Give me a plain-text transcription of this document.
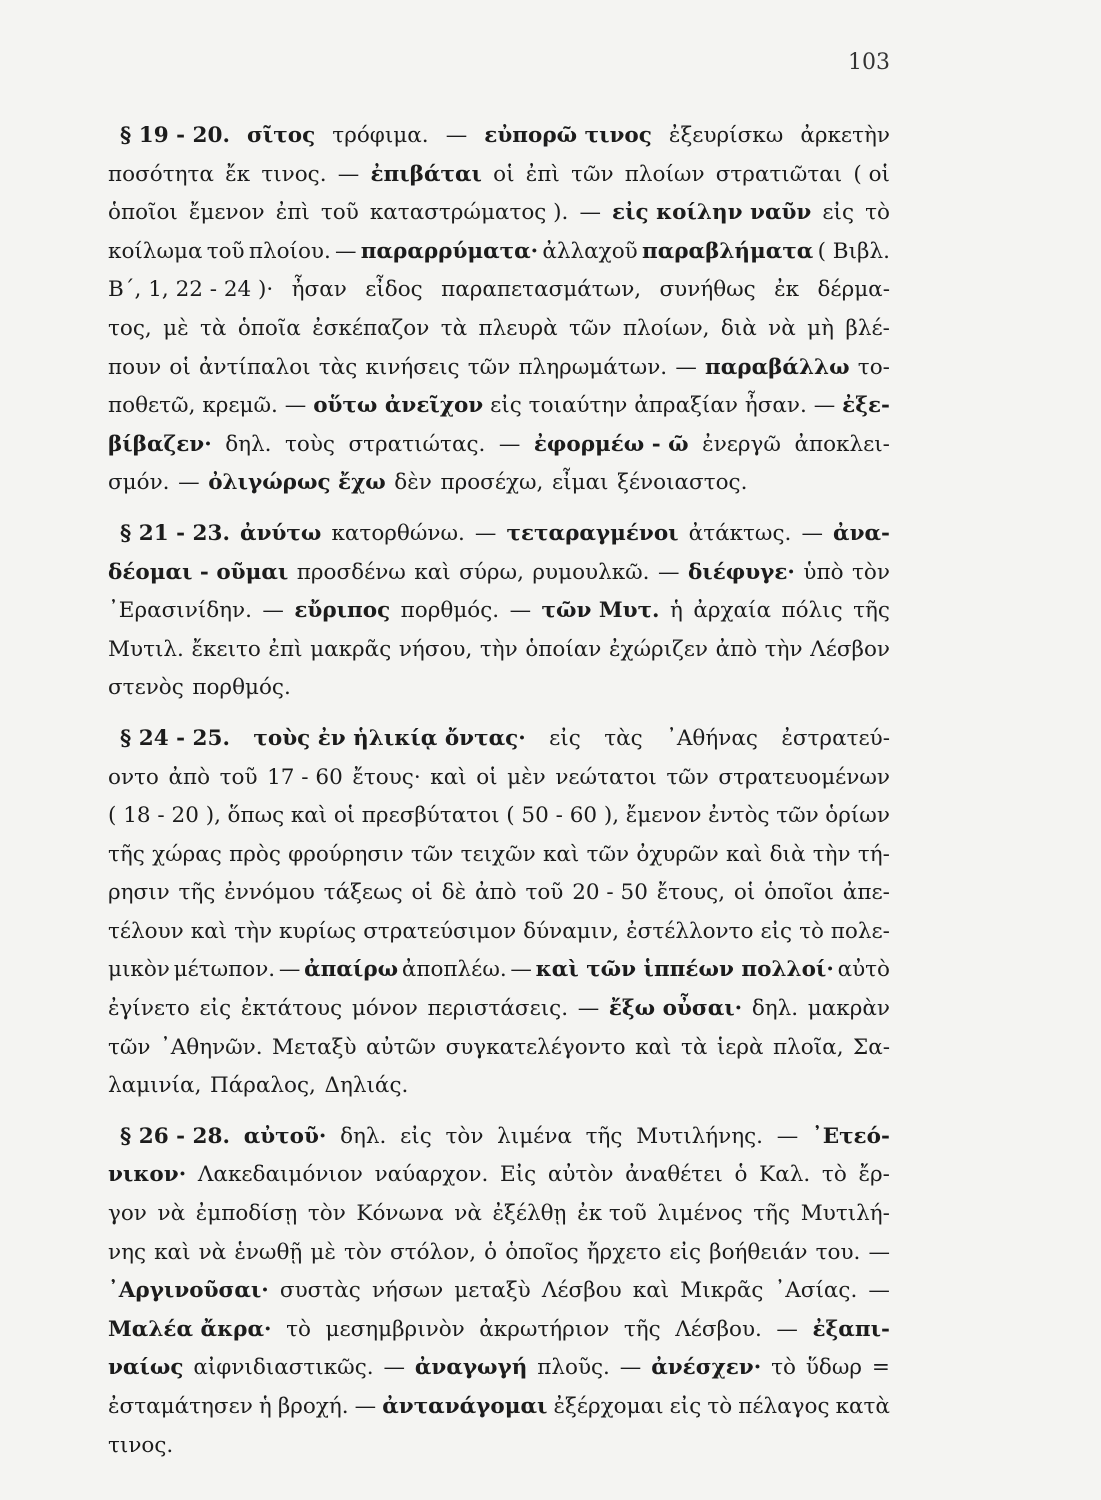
103
§ 19 - 20. σῖτος τρόφιμα. — εὐπορῶ τινος ἐξευρίσκω ἀρκετὴν
ποσότητα ἔκ τινος. — ἐπιβάται οἱ ἐπὶ τῶν πλοίων στρατιῶται ( οἱ
ὁποῖοι ἔμενον ἐπὶ τοῦ καταστρώματος ). — εἰς κοίλην ναῦν εἰς τὸ
κοίλωμα τοῦ πλοίου. — παραρρύματα· ἀλλαχοῦ παραβλήματα ( Βιβλ.
Β΄, 1, 22 - 24 )· ἦσαν εἶδος παραπετασμάτων, συνήθως ἐκ δέρμα-
τος, μὲ τὰ ὁποῖα ἐσκέπαζον τὰ πλευρὰ τῶν πλοίων, διὰ νὰ μὴ βλέ-
πουν οἱ ἀντίπαλοι τὰς κινήσεις τῶν πληρωμάτων. — παραβάλλω το-
ποθετῶ, κρεμῶ. — οὕτω ἀνεῖχον εἰς τοιαύτην ἀπραξίαν ἦσαν. — ἐξε-
βίβαζεν· δηλ. τοὺς στρατιώτας. — ἐφορμέω - ῶ ἐνεργῶ ἀποκλει-
σμόν. — ὀλιγώρως ἔχω δὲν προσέχω, εἶμαι ξένοιαστος.
§ 21 - 23. ἀνύτω κατορθώνω. — τεταραγμένοι ἀτάκτως. — ἀνα-
δέομαι - οῦμαι προσδένω καὶ σύρω, ρυμουλκῶ. — διέφυγε· ὑπὸ τὸν
᾿Ερασινίδην. — εὔριπος πορθμός. — τῶν Μυτ. ἡ ἀρχαία πόλις τῆς
Μυτιλ. ἔκειτο ἐπὶ μακρᾶς νήσου, τὴν ὁποίαν ἐχώριζεν ἀπὸ τὴν Λέσβον
στενὸς πορθμός.
§ 24 - 25. τοὺς ἐν ἡλικίᾳ ὄντας· εἰς τὰς ᾿Αθήνας ἐστρατεύ-
οντο ἀπὸ τοῦ 17 - 60 ἔτους· καὶ οἱ μὲν νεώτατοι τῶν στρατευομένων
( 18 - 20 ), ὅπως καὶ οἱ πρεσβύτατοι ( 50 - 60 ), ἔμενον ἐντὸς τῶν ὁρίων
τῆς χώρας πρὸς φρούρησιν τῶν τειχῶν καὶ τῶν ὀχυρῶν καὶ διὰ τὴν τή-
ρησιν τῆς ἐννόμου τάξεως οἱ δὲ ἀπὸ τοῦ 20 - 50 ἔτους, οἱ ὁποῖοι ἀπε-
τέλουν καὶ τὴν κυρίως στρατεύσιμον δύναμιν, ἐστέλλοντο εἰς τὸ πολε-
μικὸν μέτωπον. — ἀπαίρω ἀποπλέω. — καὶ τῶν ἱππέων πολλοί· αὐτὸ
ἐγίνετο εἰς ἐκτάτους μόνον περιστάσεις. — ἔξω οὖσαι· δηλ. μακρὰν
τῶν ᾿Αθηνῶν. Μεταξὺ αὐτῶν συγκατελέγοντο καὶ τὰ ἱερὰ πλοῖα, Σα-
λαμινία, Πάραλος, Δηλιάς.
§ 26 - 28. αὐτοῦ· δηλ. εἰς τὸν λιμένα τῆς Μυτιλήνης. — ᾿Ετεό-
νικον· Λακεδαιμόνιον ναύαρχον. Εἰς αὐτὸν ἀναθέτει ὁ Καλ. τὸ ἔρ-
γον νὰ ἐμποδίσῃ τὸν Κόνωνα νὰ ἐξέλθῃ ἐκ τοῦ λιμένος τῆς Μυτιλή-
νης καὶ νὰ ἑνωθῇ μὲ τὸν στόλον, ὁ ὁποῖος ἤρχετο εἰς βοήθειάν του. —
᾿Αργινοῦσαι· συστὰς νήσων μεταξὺ Λέσβου καὶ Μικρᾶς ᾿Ασίας. —
Μαλέα ἄκρα· τὸ μεσημβρινὸν ἀκρωτήριον τῆς Λέσβου. — ἐξαπι-
ναίως αἰφνιδιαστικῶς. — ἀναγωγή πλοῦς. — ἀνέσχεν· τὸ ὕδωρ =
ἐσταμάτησεν ἡ βροχή. — ἀντανάγομαι ἐξέρχομαι εἰς τὸ πέλαγος κατὰ
τινος.
